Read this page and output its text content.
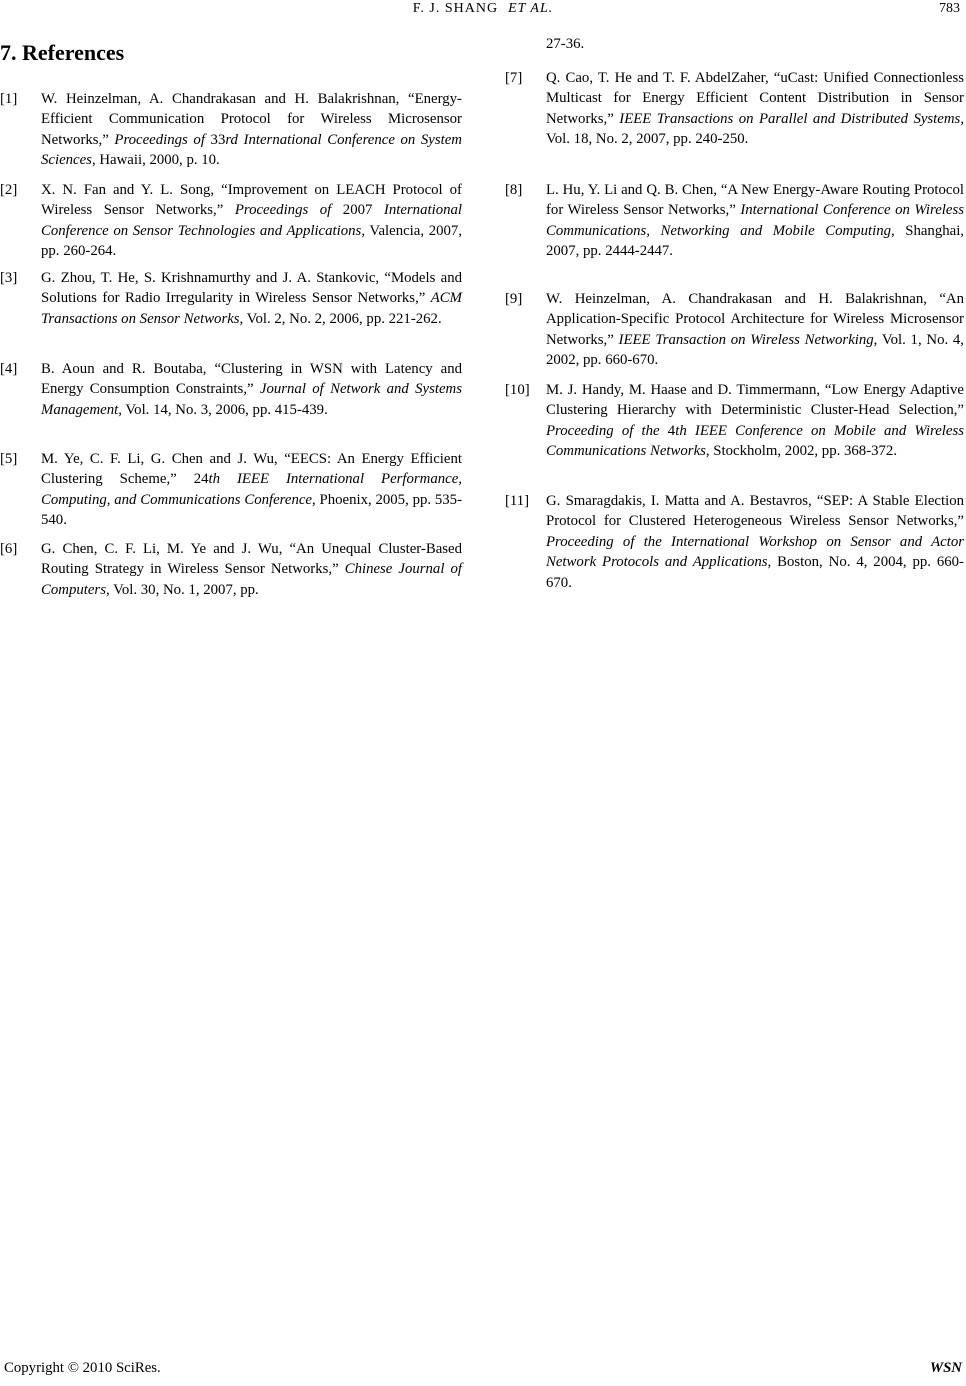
F. J. SHANG ET AL.	783
7. References
[1] W. Heinzelman, A. Chandrakasan and H. Balakrishnan, “Energy-Efficient Communication Protocol for Wireless Microsensor Networks,” Proceedings of 33rd International Conference on System Sciences, Hawaii, 2000, p. 10.
[2] X. N. Fan and Y. L. Song, “Improvement on LEACH Protocol of Wireless Sensor Networks,” Proceedings of 2007 International Conference on Sensor Technologies and Applications, Valencia, 2007, pp. 260-264.
[3] G. Zhou, T. He, S. Krishnamurthy and J. A. Stankovic, “Models and Solutions for Radio Irregularity in Wireless Sensor Networks,” ACM Transactions on Sensor Networks, Vol. 2, No. 2, 2006, pp. 221-262.
[4] B. Aoun and R. Boutaba, “Clustering in WSN with Latency and Energy Consumption Constraints,” Journal of Network and Systems Management, Vol. 14, No. 3, 2006, pp. 415-439.
[5] M. Ye, C. F. Li, G. Chen and J. Wu, “EECS: An Energy Efficient Clustering Scheme,” 24th IEEE International Performance, Computing, and Communications Conference, Phoenix, 2005, pp. 535-540.
[6] G. Chen, C. F. Li, M. Ye and J. Wu, “An Unequal Cluster-Based Routing Strategy in Wireless Sensor Networks,” Chinese Journal of Computers, Vol. 30, No. 1, 2007, pp.
27-36.
[7] Q. Cao, T. He and T. F. AbdelZaher, “uCast: Unified Connectionless Multicast for Energy Efficient Content Distribution in Sensor Networks,” IEEE Transactions on Parallel and Distributed Systems, Vol. 18, No. 2, 2007, pp. 240-250.
[8] L. Hu, Y. Li and Q. B. Chen, “A New Energy-Aware Routing Protocol for Wireless Sensor Networks,” International Conference on Wireless Communications, Networking and Mobile Computing, Shanghai, 2007, pp. 2444-2447.
[9] W. Heinzelman, A. Chandrakasan and H. Balakrishnan, “An Application-Specific Protocol Architecture for Wireless Microsensor Networks,” IEEE Transaction on Wireless Networking, Vol. 1, No. 4, 2002, pp. 660-670.
[10] M. J. Handy, M. Haase and D. Timmermann, “Low Energy Adaptive Clustering Hierarchy with Deterministic Cluster-Head Selection,” Proceeding of the 4th IEEE Conference on Mobile and Wireless Communications Networks, Stockholm, 2002, pp. 368-372.
[11] G. Smaragdakis, I. Matta and A. Bestavros, “SEP: A Stable Election Protocol for Clustered Heterogeneous Wireless Sensor Networks,” Proceeding of the International Workshop on Sensor and Actor Network Protocols and Applications, Boston, No. 4, 2004, pp. 660-670.
Copyright © 2010 SciRes.	WSN
